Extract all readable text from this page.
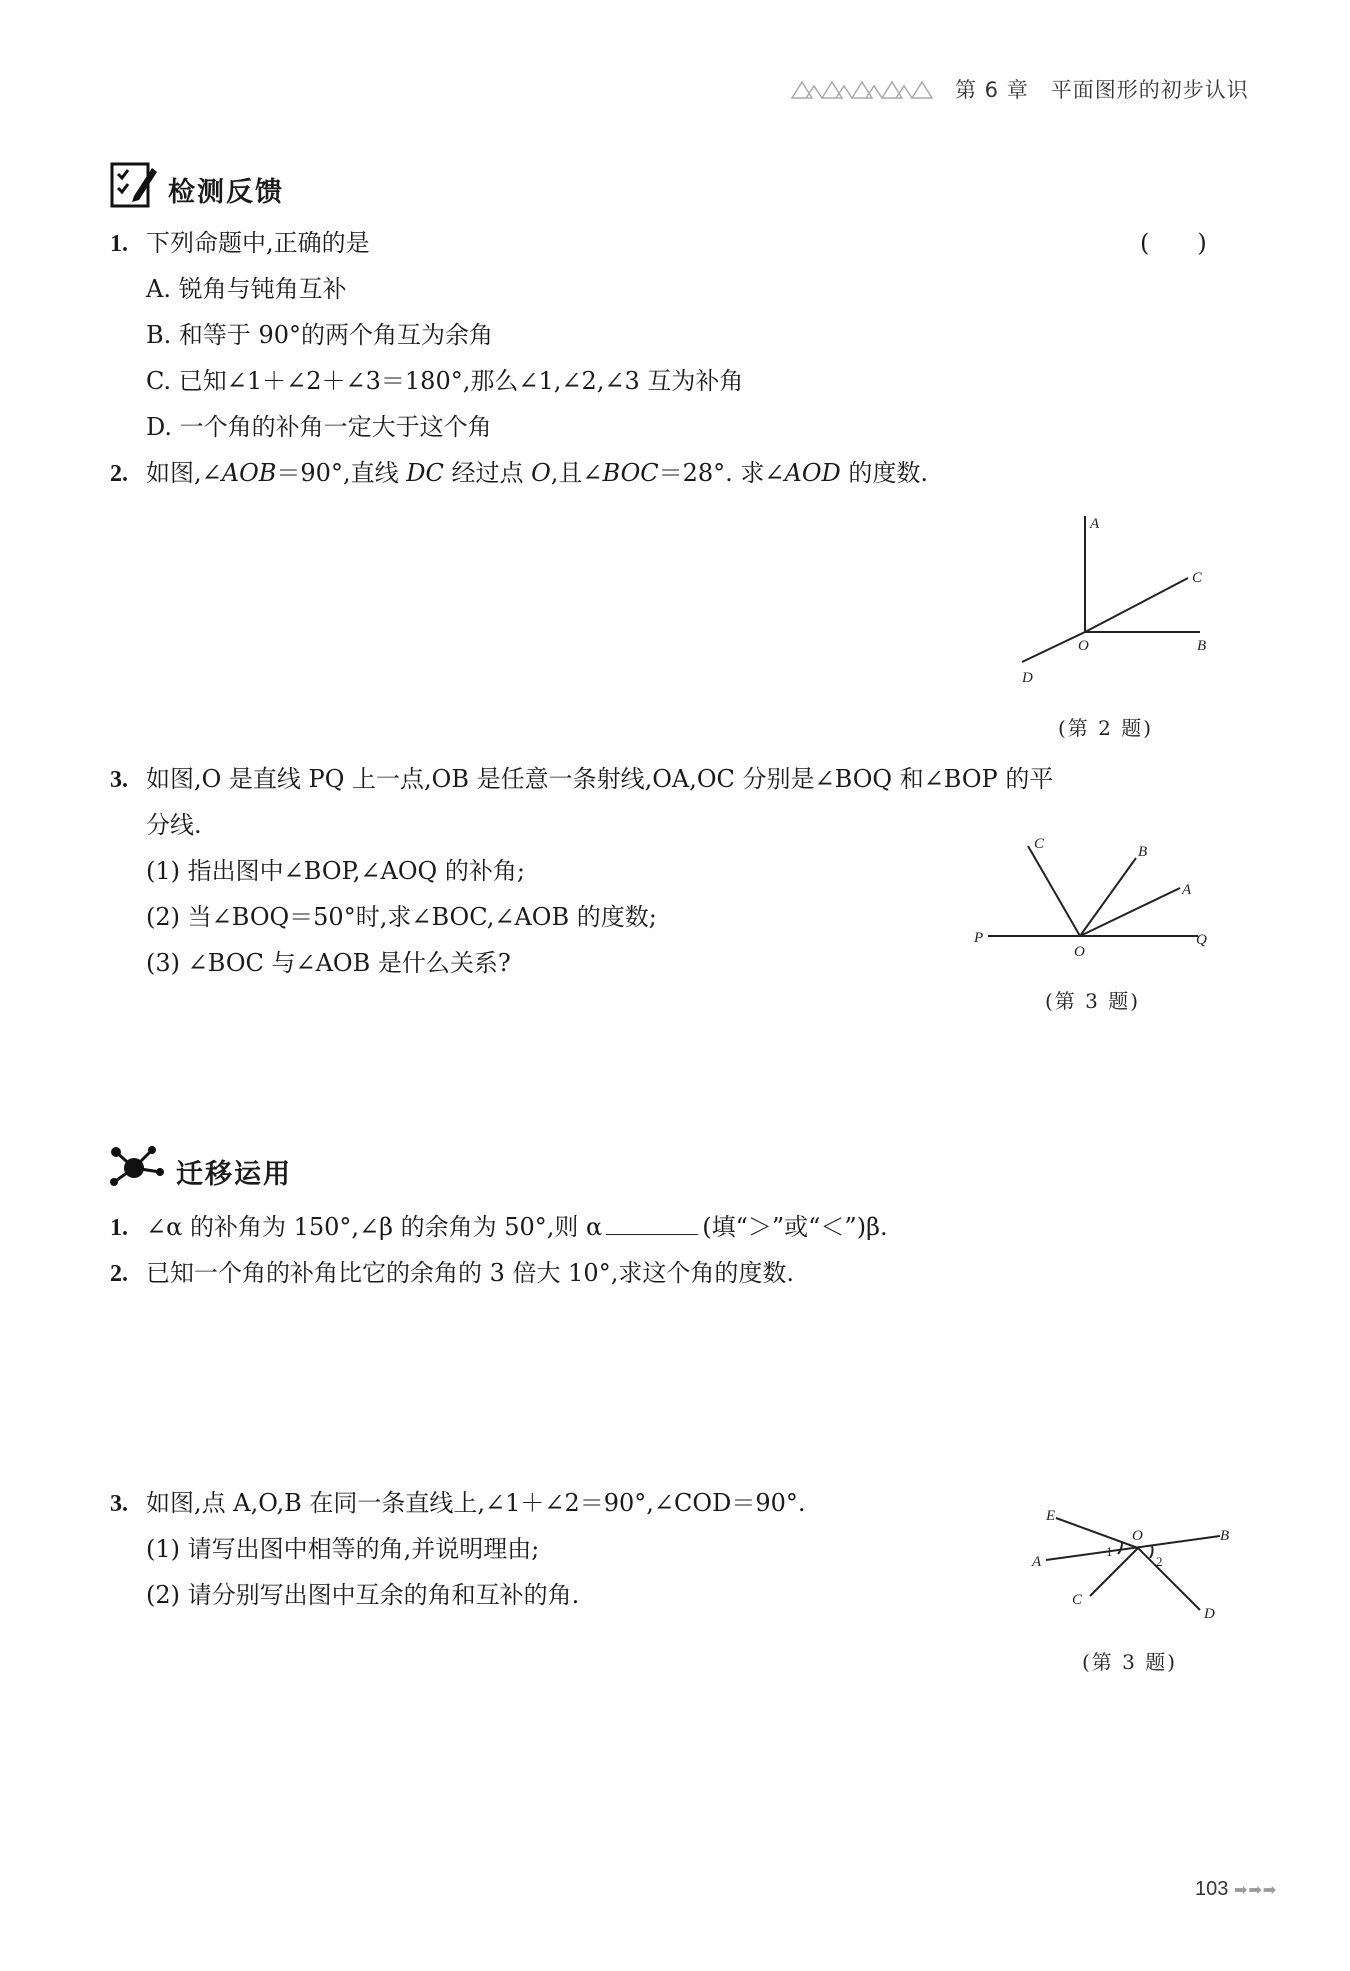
第 6 章　平面图形的初步认识
检测反馈
1. 下列命题中,正确的是	(　　)
A. 锐角与钝角互补
B. 和等于 90°的两个角互为余角
C. 已知∠1＋∠2＋∠3＝180°,那么∠1,∠2,∠3 互为补角
D. 一个角的补角一定大于这个角
2. 如图,∠AOB＝90°,直线 DC 经过点 O,且∠BOC＝28°. 求∠AOD 的度数.
A
C
O	B
D
(第 2 题)
3. 如图,O 是直线 PQ 上一点,OB 是任意一条射线,OA,OC 分别是∠BOQ 和∠BOP 的平
分线.
(1) 指出图中∠BOP,∠AOQ 的补角;
(2) 当∠BOQ＝50°时,求∠BOC,∠AOB 的度数;
(3) ∠BOC 与∠AOB 是什么关系?
C	B
A
P
O
Q
(第 3 题)
迁移运用
1. ∠α 的补角为 150°,∠β 的余角为 50°,则 α	(填“＞”或“＜”)β.
2. 已知一个角的补角比它的余角的 3 倍大 10°,求这个角的度数.
3. 如图,点 A,O,B 在同一条直线上,∠1＋∠2＝90°,∠COD＝90°.
(1) 请写出图中相等的角,并说明理由;
(2) 请分别写出图中互余的角和互补的角.
E
O	B
A
1
2
C
D
(第 3 题)
103 ➡➡➡
